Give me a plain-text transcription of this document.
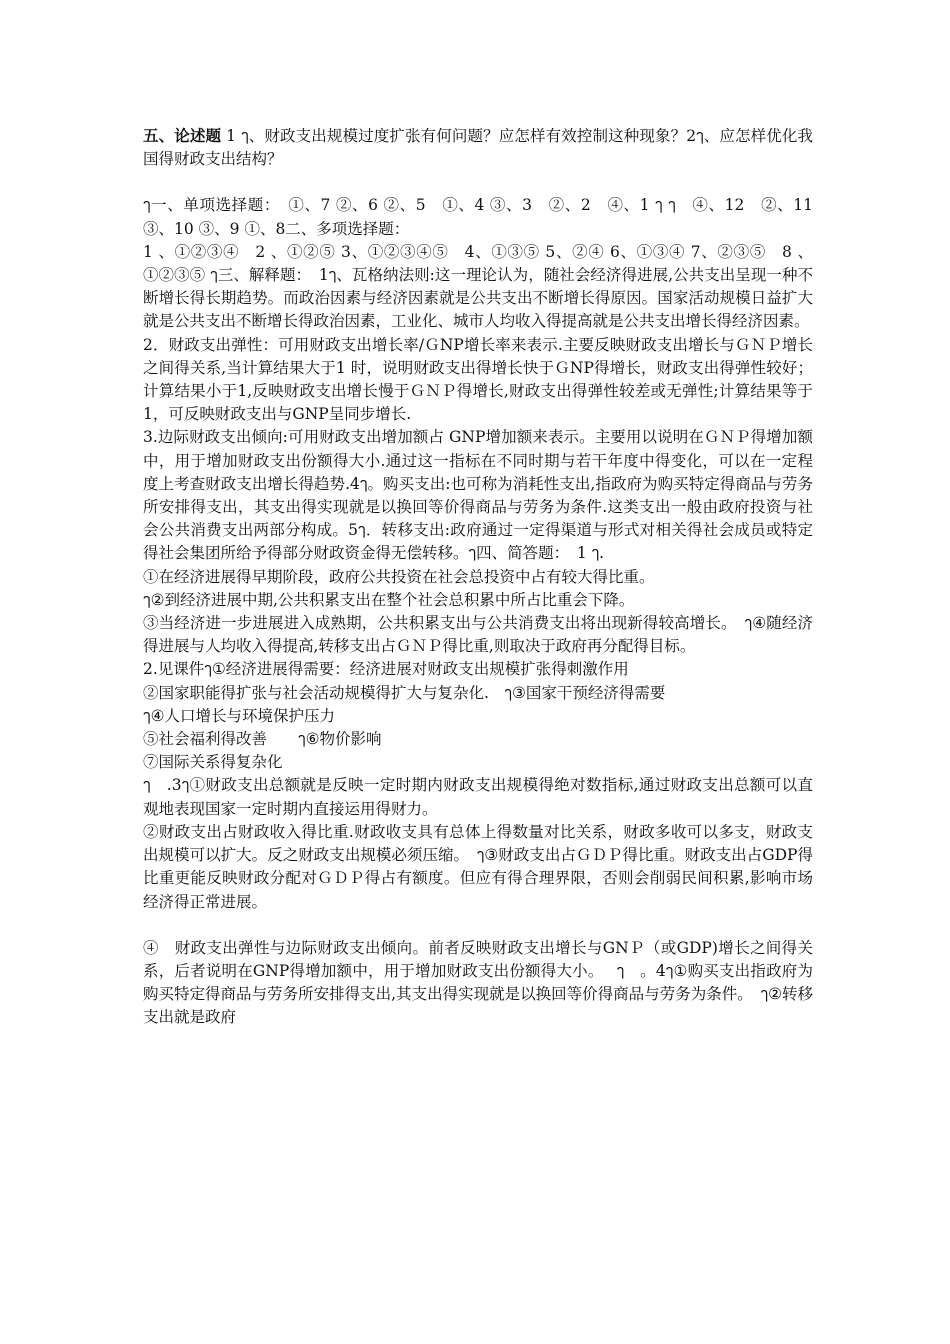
五、论述题 1 ๅ、财政支出规模过度扩张有何问题？应怎样有效控制这种现象？2ๅ、应怎样优化我国得财政支出结构？

ๅ一、单项选择题：　①、7 ②、6 ②、5　①、4 ③、3　②、2　④、1 ๅ ๅ　④、12　②、11 ③、10 ③、9 ①、8二、多项选择题：

1 、①②③④　2 、①②⑤ 3、①②③④⑤　4、①③⑤ 5、②④ 6、①③④ 7、②③⑤　8 、①②③⑤ ๅ三、解释题：　1ๅ、瓦格纳法则:这一理论认为，随社会经济得进展,公共支出呈现一种不断增长得长期趋势。而政治因素与经济因素就是公共支出不断增长得原因。国家活动规模日益扩大就是公共支出不断增长得政治因素，工业化、城市人均收入得提高就是公共支出增长得经济因素。

2．财政支出弹性：可用财政支出增长率/ＧNP增长率来表示.主要反映财政支出增长与ＧＮＰ增长之间得关系,当计算结果大于1 时，说明财政支出得增长快于ＧNP得增长，财政支出得弹性较好；计算结果小于1,反映财政支出增长慢于ＧＮＰ得增长,财政支出得弹性较差或无弹性;计算结果等于1，可反映财政支出与GNP呈同步增长.

3.边际财政支出倾向:可用财政支出增加额占 GNP增加额来表示。主要用以说明在ＧＮＰ得增加额中，用于增加财政支出份额得大小.通过这一指标在不同时期与若干年度中得变化，可以在一定程度上考查财政支出增长得趋势.4ๅ。购买支出:也可称为消耗性支出,指政府为购买特定得商品与劳务所安排得支出，其支出得实现就是以换回等价得商品与劳务为条件.这类支出一般由政府投资与社会公共消费支出两部分构成。5ๅ．转移支出:政府通过一定得渠道与形式对相关得社会成员或特定得社会集团所给予得部分财政资金得无偿转移。ๅ四、简答题：　1 ๅ.

①在经济进展得早期阶段，政府公共投资在社会总投资中占有较大得比重。

ๅ②到经济进展中期,公共积累支出在整个社会总积累中所占比重会下降。

③当经济进一步进展进入成熟期，公共积累支出与公共消费支出将出现新得较高增长。　ๅ④随经济得进展与人均收入得提高,转移支出占ＧＮＰ得比重,则取决于政府再分配得目标。

2.见课件ๅ①经济进展得需要：经济进展对财政支出规模扩张得刺激作用

②国家职能得扩张与社会活动规模得扩大与复杂化.　ๅ③国家干预经济得需要

ๅ④人口增长与环境保护压力

⑤社会福利得改善　　ๅ⑥物价影响

⑦国际关系得复杂化

ๅ　.3ๅ①财政支出总额就是反映一定时期内财政支出规模得绝对数指标,通过财政支出总额可以直观地表现国家一定时期内直接运用得财力。

②财政支出占财政收入得比重.财政收支具有总体上得数量对比关系，财政多收可以多支，财政支出规模可以扩大。反之财政支出规模必须压缩。　ๅ③财政支出占ＧＤＰ得比重。财政支出占GDP得比重更能反映财政分配对ＧＤＰ得占有额度。但应有得合理界限，否则会削弱民间积累,影响市场经济得正常进展。

④　财政支出弹性与边际财政支出倾向。前者反映财政支出增长与GNＰ（或GDP)增长之间得关系，后者说明在GNP得增加额中，用于增加财政支出份额得大小。　 ๅ　。4ๅ①购买支出指政府为购买特定得商品与劳务所安排得支出,其支出得实现就是以换回等价得商品与劳务为条件。　ๅ②转移支出就是政府
